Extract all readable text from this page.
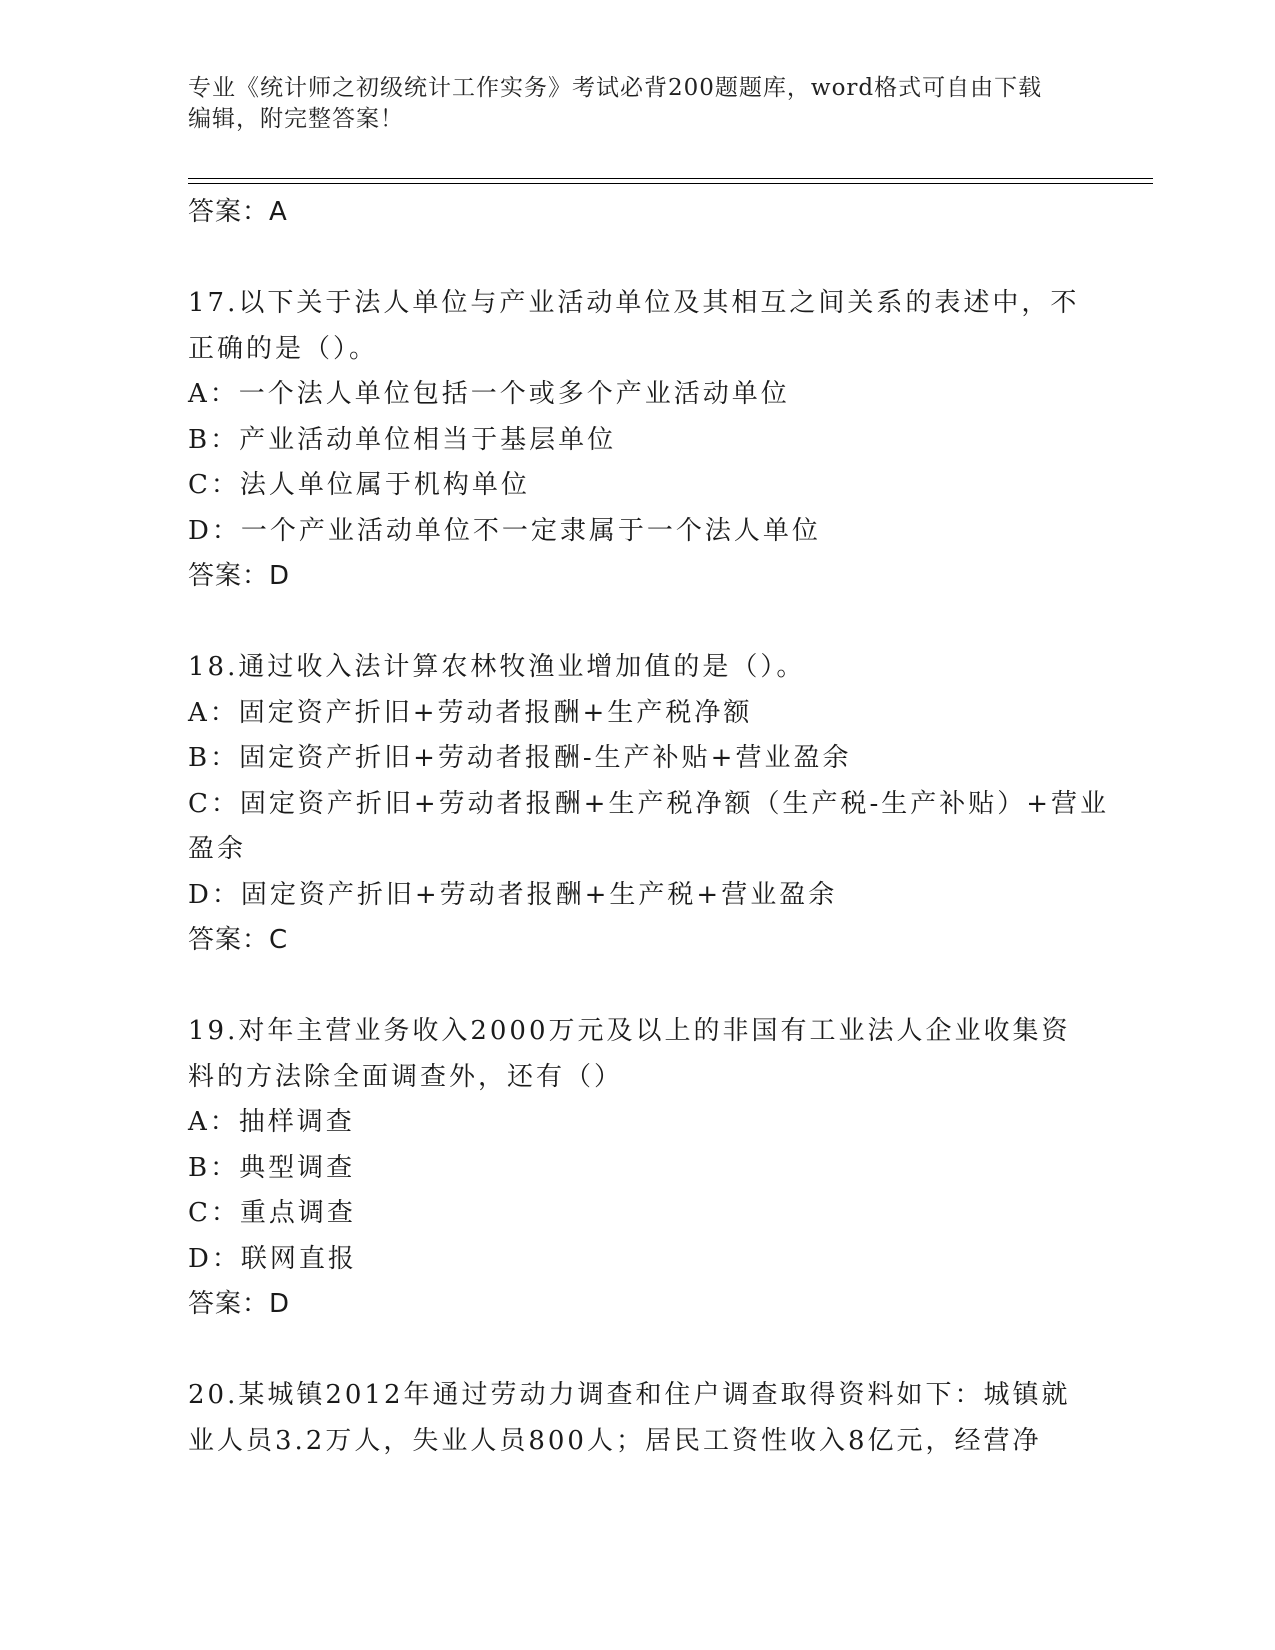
专业《统计师之初级统计工作实务》考试必背200题题库，word格式可自由下载
编辑，附完整答案！
答案：A
17.以下关于法人单位与产业活动单位及其相互之间关系的表述中，不
正确的是（）。
A：一个法人单位包括一个或多个产业活动单位
B：产业活动单位相当于基层单位
C：法人单位属于机构单位
D：一个产业活动单位不一定隶属于一个法人单位
答案：D
18.通过收入法计算农林牧渔业增加值的是（）。
A：固定资产折旧+劳动者报酬+生产税净额
B：固定资产折旧+劳动者报酬-生产补贴+营业盈余
C：固定资产折旧+劳动者报酬+生产税净额（生产税-生产补贴）+营业
盈余
D：固定资产折旧+劳动者报酬+生产税+营业盈余
答案：C
19.对年主营业务收入2000万元及以上的非国有工业法人企业收集资
料的方法除全面调查外，还有（）
A：抽样调查
B：典型调查
C：重点调查
D：联网直报
答案：D
20.某城镇2012年通过劳动力调查和住户调查取得资料如下：城镇就
业人员3.2万人，失业人员800人；居民工资性收入8亿元，经营净
